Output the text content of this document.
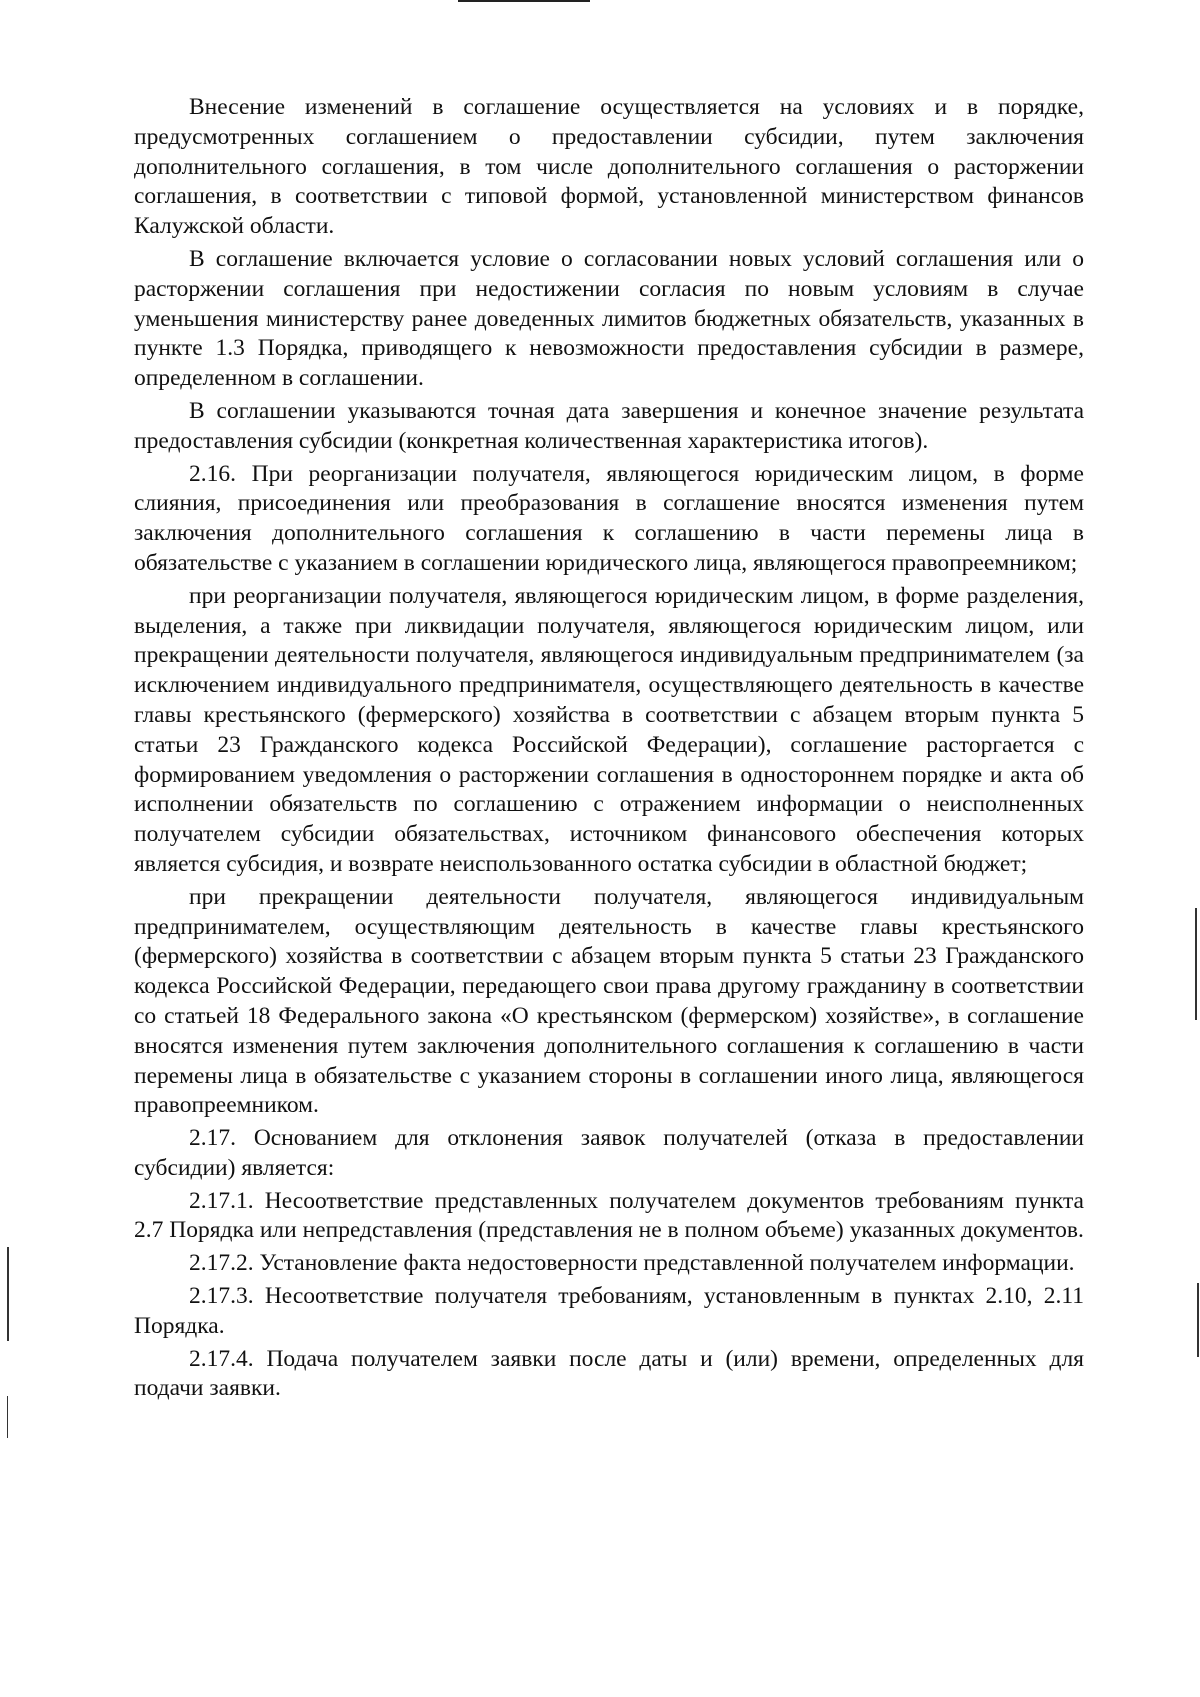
Внесение изменений в соглашение осуществляется на условиях и в порядке, предусмотренных соглашением о предоставлении субсидии, путем заключения дополнительного соглашения, в том числе дополнительного соглашения о расторжении соглашения, в соответствии с типовой формой, установленной министерством финансов Калужской области.

В соглашение включается условие о согласовании новых условий соглашения или о расторжении соглашения при недостижении согласия по новым условиям в случае уменьшения министерству ранее доведенных лимитов бюджетных обязательств, указанных в пункте 1.3 Порядка, приводящего к невозможности предоставления субсидии в размере, определенном в соглашении.

В соглашении указываются точная дата завершения и конечное значение результата предоставления субсидии (конкретная количественная характеристика итогов).

2.16. При реорганизации получателя, являющегося юридическим лицом, в форме слияния, присоединения или преобразования в соглашение вносятся изменения путем заключения дополнительного соглашения к соглашению в части перемены лица в обязательстве с указанием в соглашении юридического лица, являющегося правопреемником;

при реорганизации получателя, являющегося юридическим лицом, в форме разделения, выделения, а также при ликвидации получателя, являющегося юридическим лицом, или прекращении деятельности получателя, являющегося индивидуальным предпринимателем (за исключением индивидуального предпринимателя, осуществляющего деятельность в качестве главы крестьянского (фермерского) хозяйства в соответствии с абзацем вторым пункта 5 статьи 23 Гражданского кодекса Российской Федерации), соглашение расторгается с формированием уведомления о расторжении соглашения в одностороннем порядке и акта об исполнении обязательств по соглашению с отражением информации о неисполненных получателем субсидии обязательствах, источником финансового обеспечения которых является субсидия, и возврате неиспользованного остатка субсидии в областной бюджет;

при прекращении деятельности получателя, являющегося индивидуальным предпринимателем, осуществляющим деятельность в качестве главы крестьянского (фермерского) хозяйства в соответствии с абзацем вторым пункта 5 статьи 23 Гражданского кодекса Российской Федерации, передающего свои права другому гражданину в соответствии со статьей 18 Федерального закона «О крестьянском (фермерском) хозяйстве», в соглашение вносятся изменения путем заключения дополнительного соглашения к соглашению в части перемены лица в обязательстве с указанием стороны в соглашении иного лица, являющегося правопреемником.

2.17. Основанием для отклонения заявок получателей (отказа в предоставлении субсидии) является:

2.17.1. Несоответствие представленных получателем документов требованиям пункта 2.7 Порядка или непредставления (представления не в полном объеме) указанных документов.

2.17.2. Установление факта недостоверности представленной получателем информации.

2.17.3. Несоответствие получателя требованиям, установленным в пунктах 2.10, 2.11 Порядка.

2.17.4. Подача получателем заявки после даты и (или) времени, определенных для подачи заявки.
